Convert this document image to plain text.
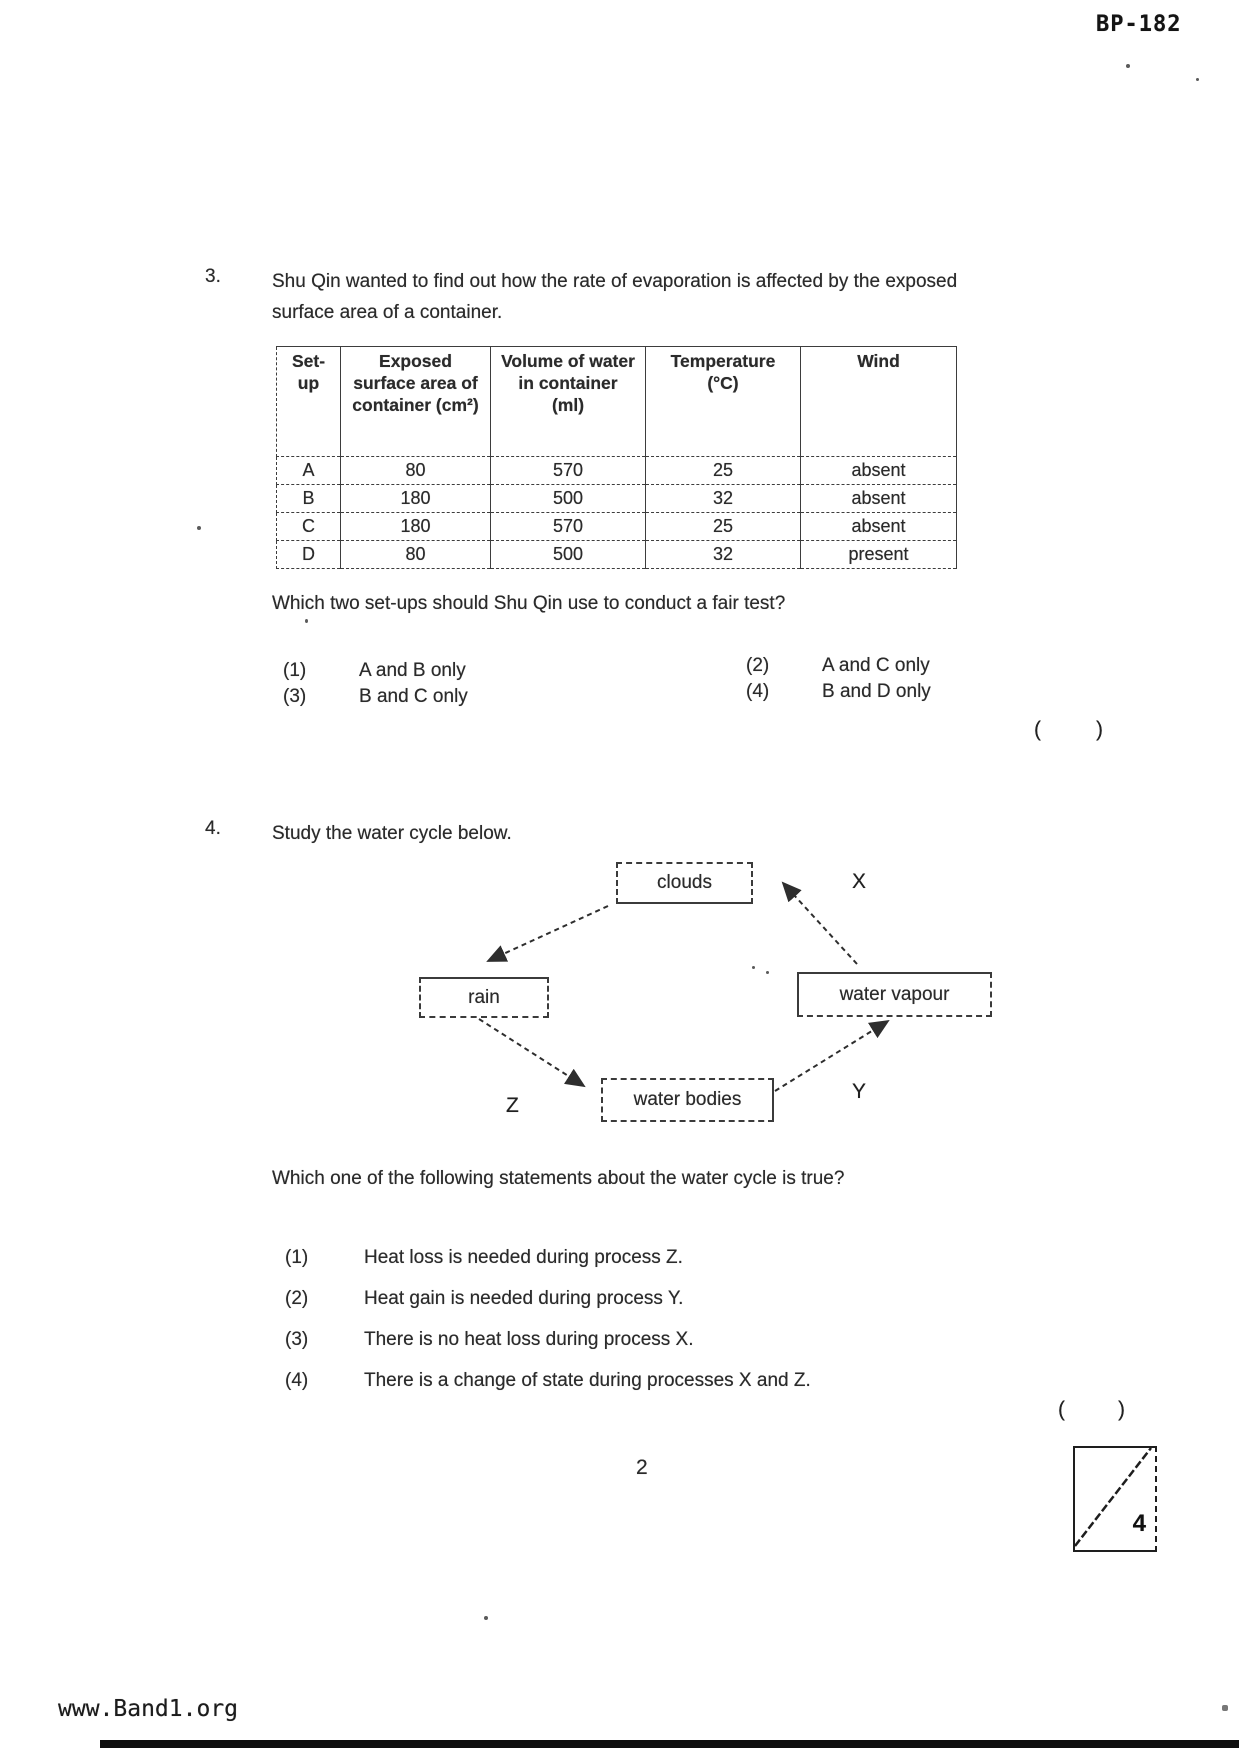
BP-182
3.	Shu Qin wanted to find out how the rate of evaporation is affected by the exposed
surface area of a container.
Set-up	Exposed surface area of container (cm²)	Volume of water in container (ml)	Temperature (°C)	Wind
A	80	570	25	absent
B	180	500	32	absent
C	180	570	25	absent
D	80	500	32	present
Which two set-ups should Shu Qin use to conduct a fair test?
(1)	A and B only	(2)	A and C only
(3)	B and C only	(4)	B and D only
(	)
4.	Study the water cycle below.
clouds
rain	water vapour
water bodies
X
Y
Z
Which one of the following statements about the water cycle is true?
(1)	Heat loss is needed during process Z.
(2)	Heat gain is needed during process Y.
(3)	There is no heat loss during process X.
(4)	There is a change of state during processes X and Z.
(	)
2
4
www.Band1.org
